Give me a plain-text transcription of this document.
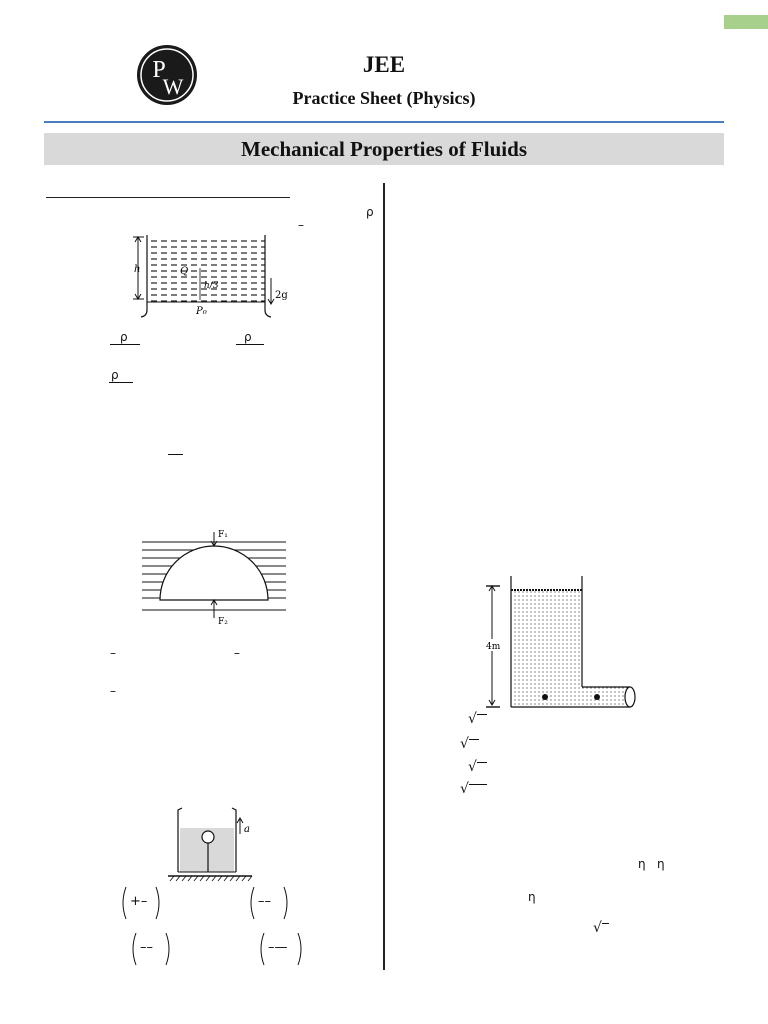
P
W
JEE
Practice Sheet (Physics)
Mechanical Properties of Fluids
ρ
–
h	Q
h/3
P₀
2g
ρ	ρ
ρ
F₁
F₂
–	–
–
a
+–	––
––	–—
4m
√
√
√
√
η η
η
√
